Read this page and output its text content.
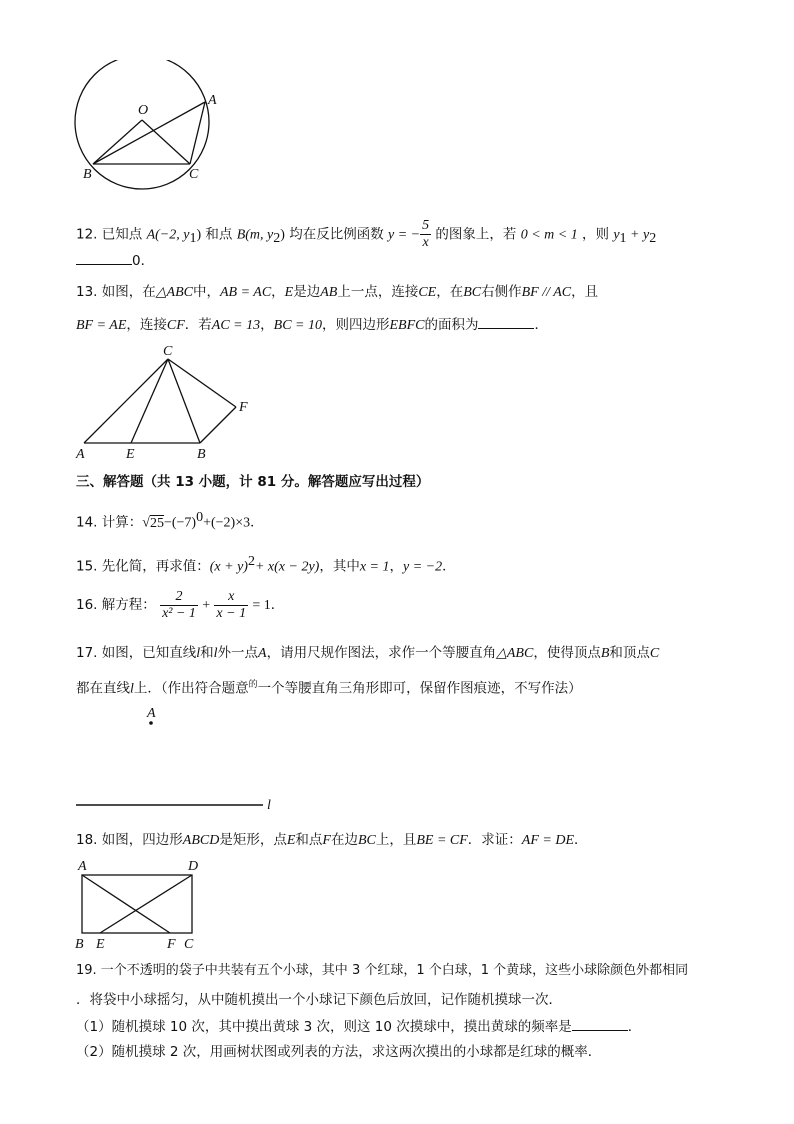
O
A
B	C
12. 已知点 A(−2, $y_1$) 和点 B(m, $y_2$) 均在反比例函数 y = − $\frac{5}{x}$ 的图象上，若 0 < m < 1 ，则 $y_1 + y_2$
0．
13. 如图，在△ABC中，AB = AC，E是边AB上一点，连接CE，在BC右侧作BF // AC，且
BF = AE，连接CF．若AC = 13，BC = 10，则四边形EBFC的面积为	．
C
F
A	E	B
三、解答题（共 13 小题，计 81 分。解答题应写出过程）
14. 计算：$√25-(-7)^0+(-2)\times 3$．
15. 先化简，再求值：$(x + y)^2+ x(x - 2y)$，其中x = 1，y = −2．
16. 解方程： $\frac{2}{\text{x² − 1}} + \frac{x}{x - 1} = 1$．
17. 如图，已知直线l和l外一点A，请用尺规作图法，求作一个等腰直角△ABC，使得顶点B和顶点C
都在直线l上．（作出符合题意$^的$一个等腰直角三角形即可，保留作图痕迹，不写作法）
A
l
18. 如图，四边形ABCD是矩形，点E和点F在边BC上，且BE = CF．求证：AF = DE．
A	D
B E	F C
19. 一个不透明的袋子中共装有五个小球，其中 3 个红球，1 个白球，1 个黄球，这些小球除颜色外都相同
．将袋中小球摇匀，从中随机摸出一个小球记下颜色后放回，记作随机摸球一次．
（1）随机摸球 10 次，其中摸出黄球 3 次，则这 10 次摸球中，摸出黄球的频率是	．
（2）随机摸球 2 次，用画树状图或列表的方法，求这两次摸出的小球都是红球的概率．
